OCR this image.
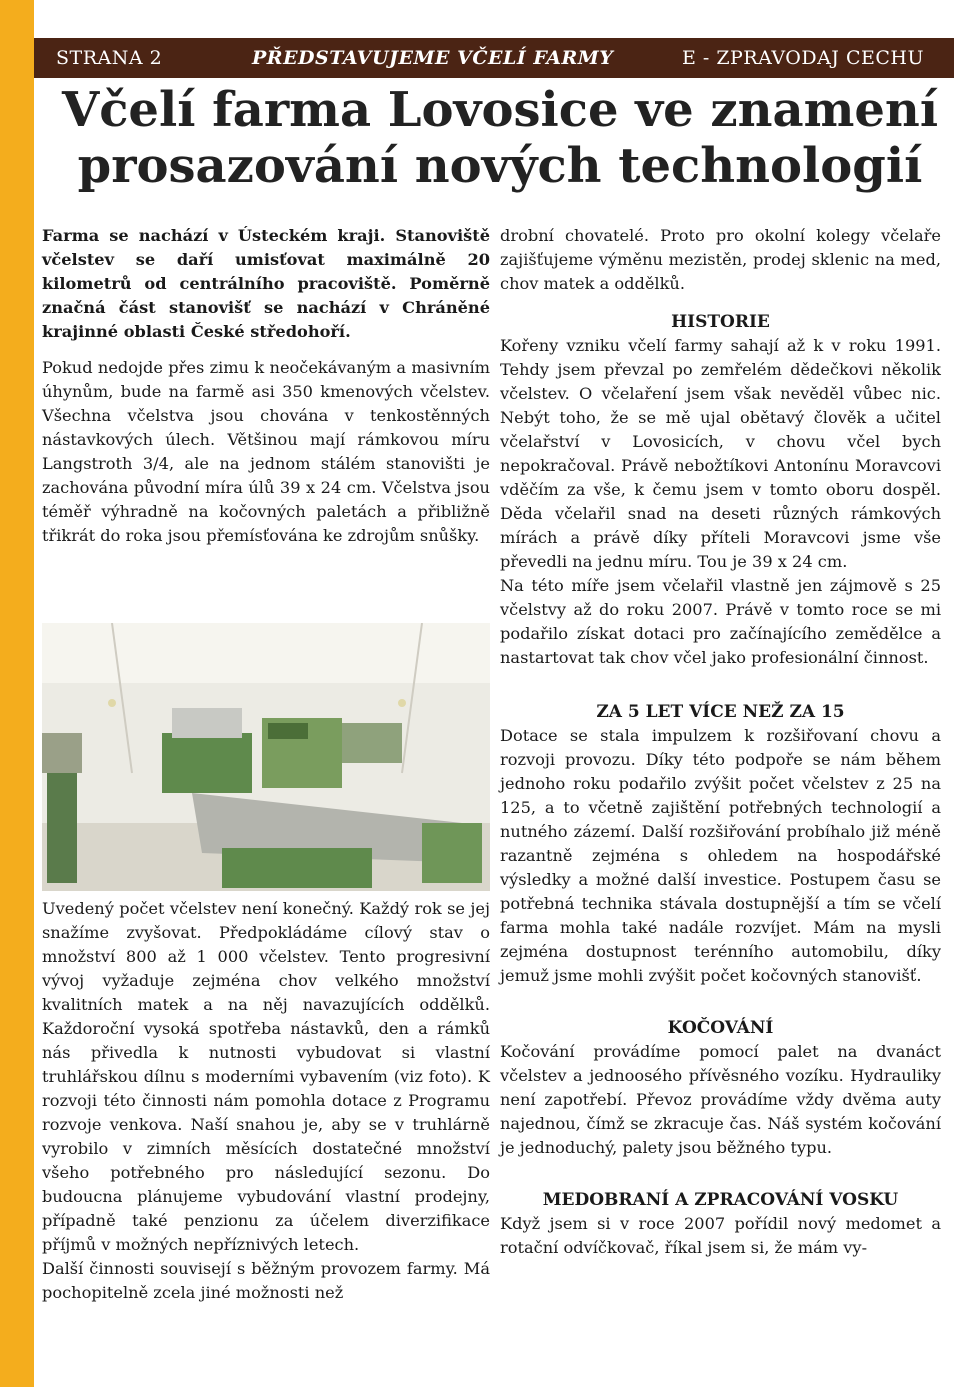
STRANA 2	PŘEDSTAVUJEME VČELÍ FARMY	E - ZPRAVODAJ CECHU
Včelí farma Lovosice ve znamení prosazování nových technologií

Farma se nachází v Ústeckém kraji. Stanoviště včelstev se daří umisťovat maximálně 20 kilometrů od centrálního pracoviště. Poměrně značná část stanovišť se nachází v Chráněné krajinné oblasti České středohoří.

Pokud nedojde přes zimu k neočekávaným a masivním úhynům, bude na farmě asi 350 kmenových včelstev. Všechna včelstva jsou chována v tenkostěnných nástavkových úlech. Většinou mají rámkovou míru Langstroth 3/4, ale na jednom stálém stanovišti je zachována původní míra úlů 39 x 24 cm. Včelstva jsou téměř výhradně na kočovných paletách a přibližně třikrát do roka jsou přemísťována ke zdrojům snůšky.

Uvedený počet včelstev není konečný. Každý rok se jej snažíme zvyšovat. Předpokládáme cílový stav o množství 800 až 1 000 včelstev. Tento progresivní vývoj vyžaduje zejména chov velkého množství kvalitních matek a na něj navazujících oddělků. Každoroční vysoká spotřeba nástavků, den a rámků nás přivedla k nutnosti vybudovat si vlastní truhlářskou dílnu s moderními vybavením (viz foto). K rozvoji této činnosti nám pomohla dotace z Programu rozvoje venkova. Naší snahou je, aby se v truhlárně vyrobilo v zimních měsících dostatečné množství všeho potřebného pro následující sezonu. Do budoucna plánujeme vybudování vlastní prodejny, případně také penzionu za účelem diverzifikace příjmů v možných nepříznivých letech.

Další činnosti souvisejí s běžným provozem farmy. Má pochopitelně zcela jiné možnosti než

drobní chovatelé. Proto pro okolní kolegy včelaře zajišťujeme výměnu mezistěn, prodej sklenic na med, chov matek a oddělků.

HISTORIE

Kořeny vzniku včelí farmy sahají až k v roku 1991. Tehdy jsem převzal po zemřelém dědečkovi několik včelstev. O včelaření jsem však nevěděl vůbec nic. Nebýt toho, že se mě ujal obětavý člověk a učitel včelařství v Lovosicích, v chovu včel bych nepokračoval. Právě nebožtíkovi Antonínu Moravcovi vděčím za vše, k čemu jsem v tomto oboru dospěl. Děda včelařil snad na deseti různých rámkových mírách a právě díky příteli Moravcovi jsme vše převedli na jednu míru. Tou je 39 x 24 cm.

Na této míře jsem včelařil vlastně jen zájmově s 25 včelstvy až do roku 2007. Právě v tomto roce se mi podařilo získat dotaci pro začínajícího zemědělce a nastartovat tak chov včel jako profesionální činnost.

ZA 5 LET VÍCE NEŽ ZA 15

Dotace se stala impulzem k rozšiřovaní chovu a rozvoji provozu. Díky této podpoře se nám během jednoho roku podařilo zvýšit počet včelstev z 25 na 125, a to včetně zajištění potřebných technologií a nutného zázemí. Další rozšiřování probíhalo již méně razantně zejména s ohledem na hospodářské výsledky a možné další investice. Postupem času se potřebná technika stávala dostupnější a tím se včelí farma mohla také nadále rozvíjet. Mám na mysli zejména dostupnost terénního automobilu, díky jemuž jsme mohli zvýšit počet kočovných stanovišť.

KOČOVÁNÍ

Kočování provádíme pomocí palet na dvanáct včelstev a jednoosého přívěsného vozíku. Hydrauliky není zapotřebí. Převoz provádíme vždy dvěma auty najednou, čímž se zkracuje čas. Náš systém kočování je jednoduchý, palety jsou běžného typu.

MEDOBRANÍ A ZPRACOVÁNÍ VOSKU

Když jsem si v roce 2007 pořídil nový medomet a rotační odvíčkovač, říkal jsem si, že mám vy-
